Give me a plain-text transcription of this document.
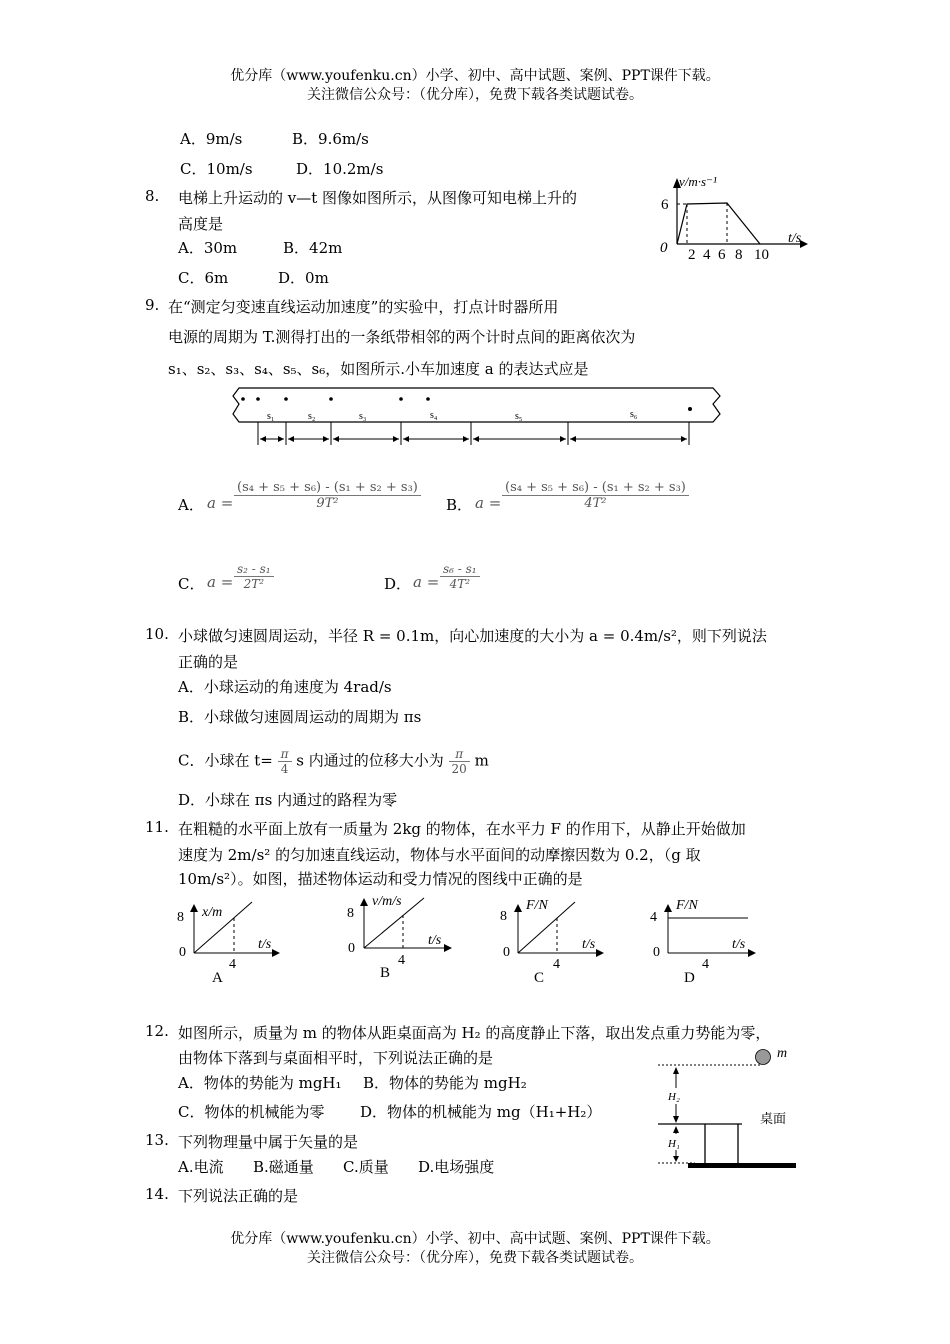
优分库（www.youfenku.cn）小学、初中、高中试题、案例、PPT课件下载。
关注微信公众号：（优分库），免费下载各类试题试卷。
A．9m/s	B．9.6m/s
C．10m/s	D．10.2m/s
8. 电梯上升运动的 v—t 图像如图所示，从图像可知电梯上升的
高度是
A．30m	B．42m
C．6m	D．0m
v/m·s⁻¹
t/s
6
0 2 4 6 8 10
9. 在“测定匀变速直线运动加速度”的实验中，打点计时器所用
电源的周期为 T.测得打出的一条纸带相邻的两个计时点间的距离依次为
s₁、s₂、s₃、s₄、s₅、s₆，如图所示.小车加速度 a 的表达式应是
s₁	s₂	s₃	s₄	s₅	s₆
A． $a = \frac{\text{(s₄ + s₅ + s₆) - (s₁ + s₂ + s₃)}}{\text{9T²}}$ B． $a = \frac{\text{(s₄ + s₅ + s₆) - (s₁ + s₂ + s₃)}}{\text{4T²}}$
C． $a = \frac{\text{s₂ - s₁}}{\text{2T²}}$	D． $a = \frac{\text{s₆ - s₁}}{\text{4T²}}$
10. 小球做匀速圆周运动，半径 R = 0.1m，向心加速度的大小为 a = 0.4m/s²，则下列说法
正确的是
A．小球运动的角速度为 4rad/s
B．小球做匀速圆周运动的周期为 πs
C．小球在 $t= \frac{\pi}{4}$ s 内通过的位移大小为 $\frac{\pi}{20}$ m
D．小球在 πs 内通过的路程为零
11. 在粗糙的水平面上放有一质量为 2kg 的物体，在水平力 F 的作用下，从静止开始做加
速度为 2m/s² 的匀加速直线运动，物体与水平面间的动摩擦因数为 0.2，（g 取
10m/s²）。如图，描述物体运动和受力情况的图线中正确的是
x/m
8
0
4
t/s
A
v/m/s
8
0
4
t/s
B
F/N
8
0
4
t/s
C
F/N
4
0
4
t/s
D
12. 如图所示，质量为 m 的物体从距桌面高为 H₂ 的高度静止下落，取出发点重力势能为零，
由物体下落到与桌面相平时，下列说法正确的是
A．物体的势能为 mgH₁ B．物体的势能为 mgH₂
C．物体的机械能为零 D．物体的机械能为 mg（H₁+H₂）
m
H₂
H₁
桌面
13. 下列物理量中属于矢量的是
A.电流 B.磁通量 C.质量 D.电场强度
14. 下列说法正确的是
优分库（www.youfenku.cn）小学、初中、高中试题、案例、PPT课件下载。
关注微信公众号：（优分库），免费下载各类试题试卷。
